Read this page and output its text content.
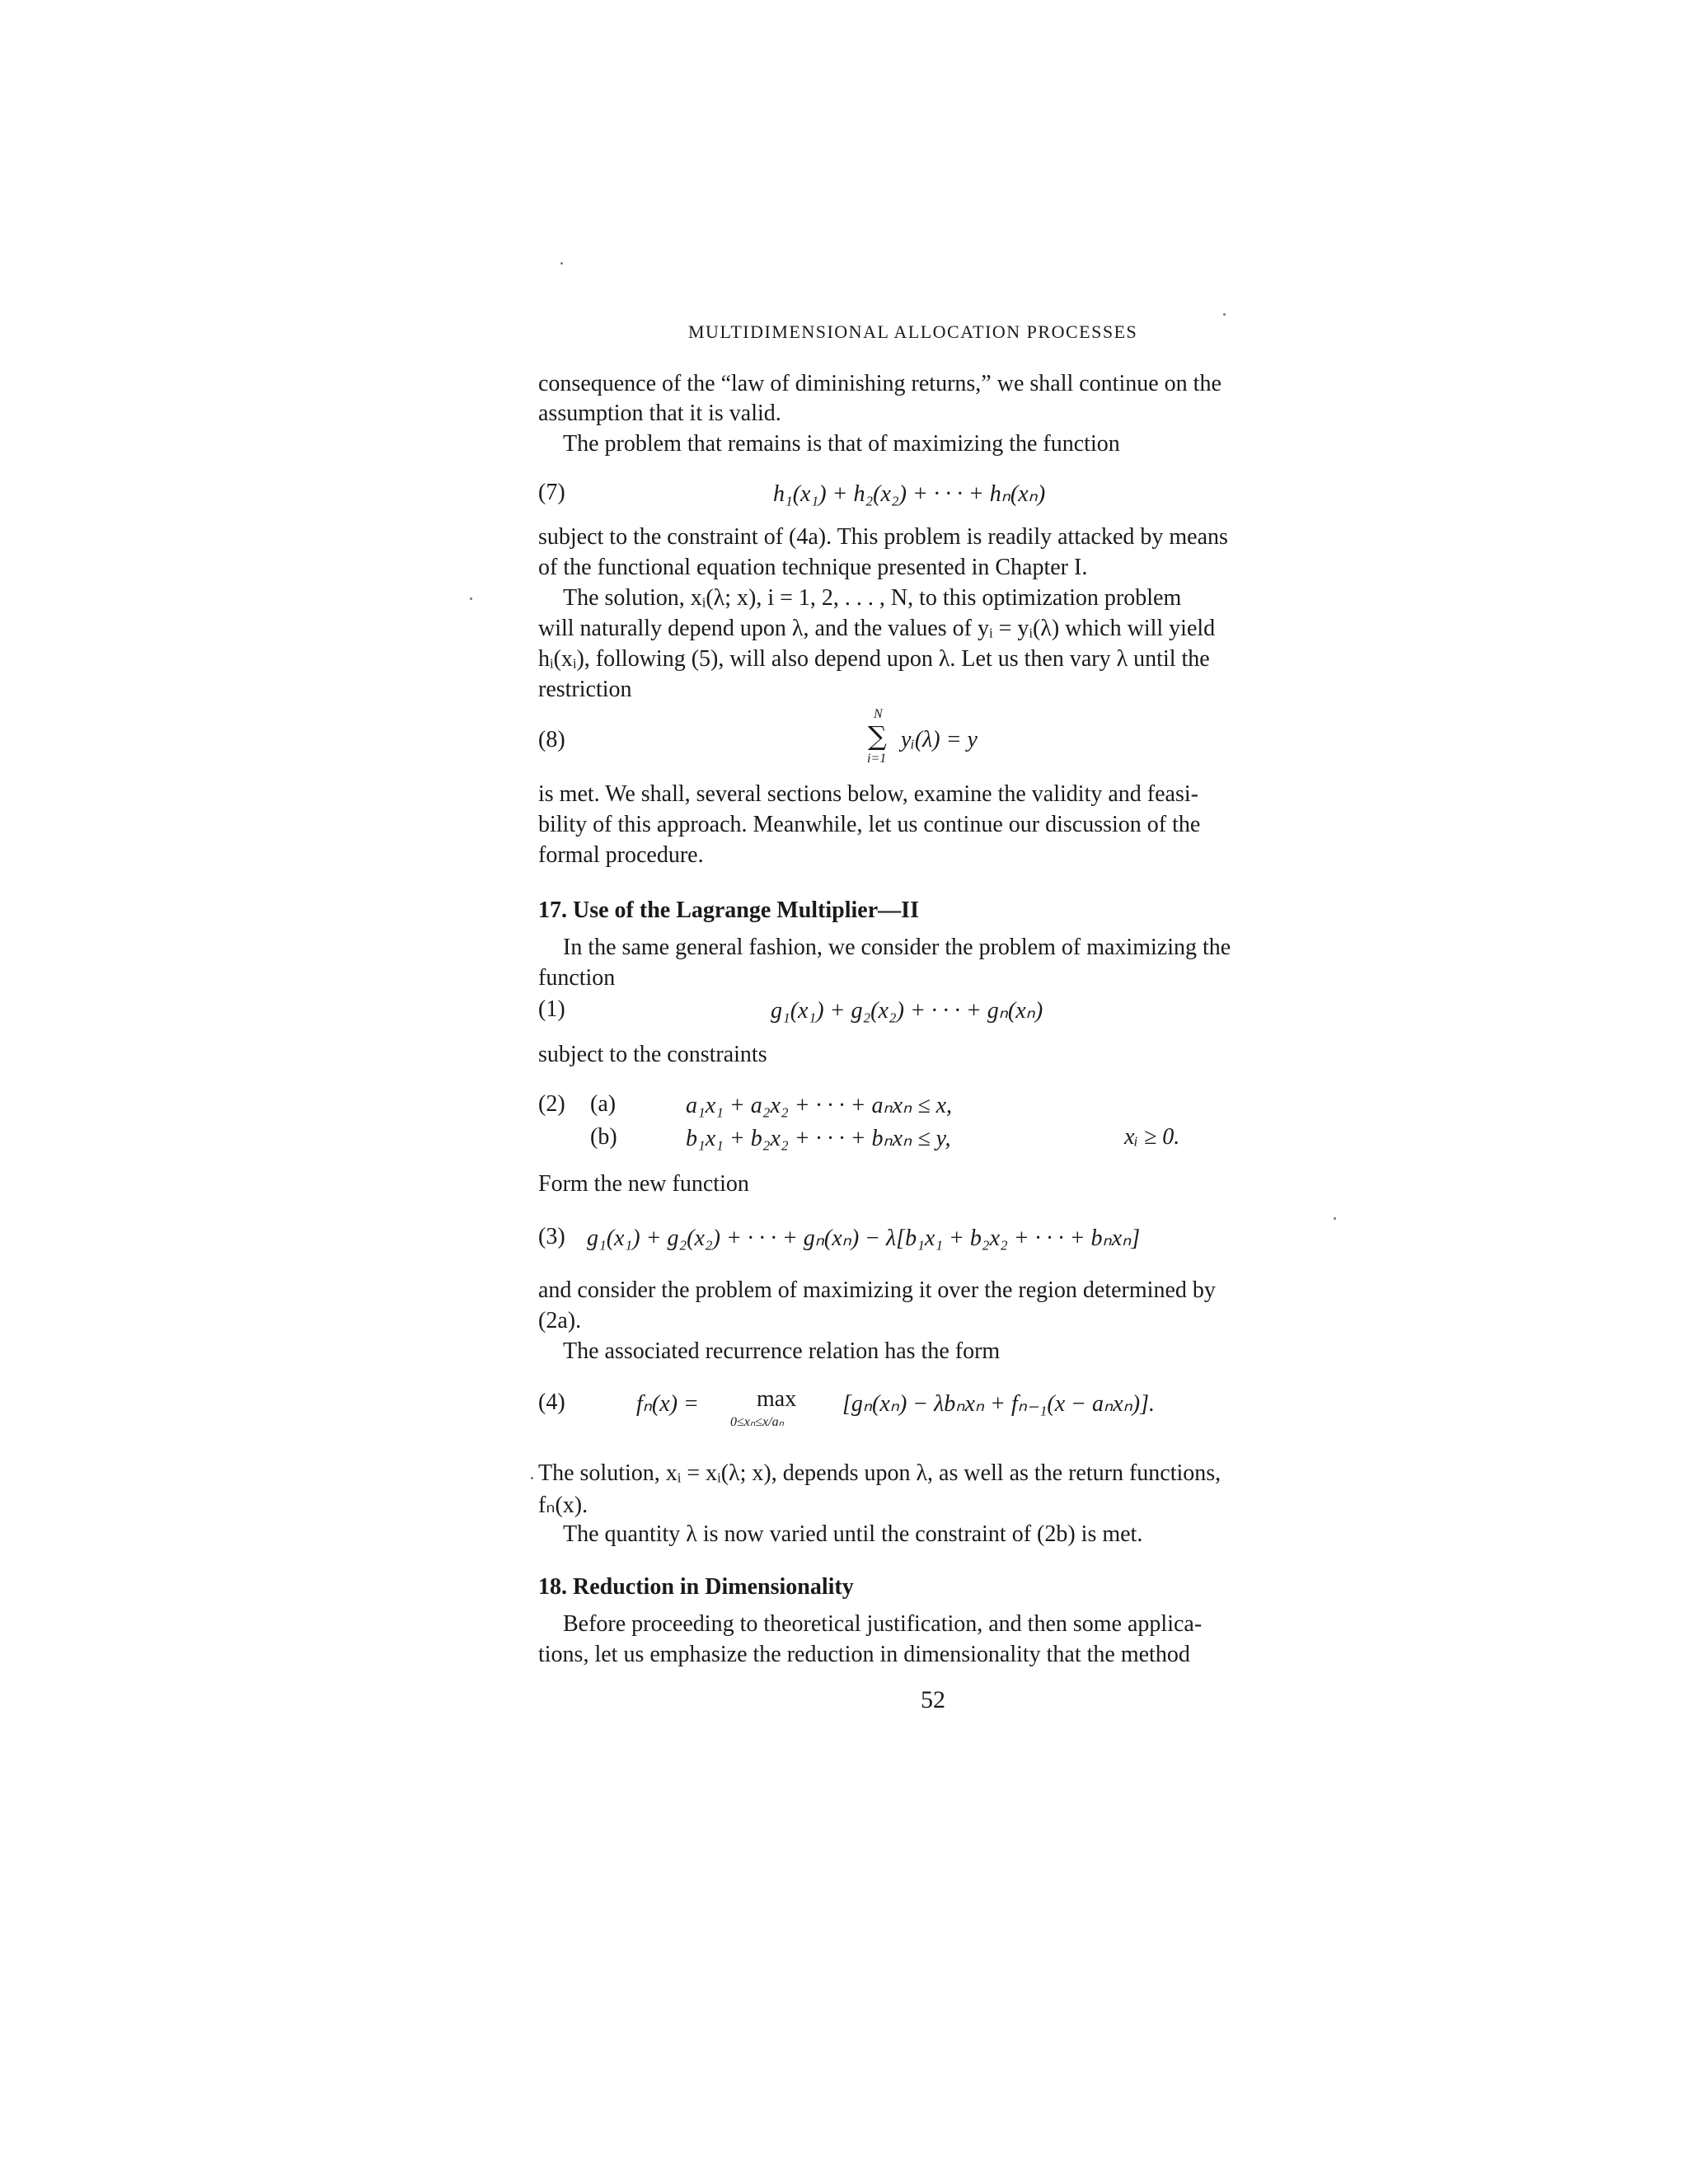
MULTIDIMENSIONAL ALLOCATION PROCESSES
consequence of the “law of diminishing returns,” we shall continue on the
assumption that it is valid.
The problem that remains is that of maximizing the function
(7)	h₁(x₁) + h₂(x₂) + · · · + hₙ(xₙ)
subject to the constraint of (4a). This problem is readily attacked by means
of the functional equation technique presented in Chapter I.
The solution, xᵢ(λ; x), i = 1, 2, . . . , N, to this optimization problem
will naturally depend upon λ, and the values of yᵢ = yᵢ(λ) which will yield
hᵢ(xᵢ), following (5), will also depend upon λ. Let us then vary λ until the
restriction
(8)
N
∑
i=1
yᵢ(λ) = y
is met. We shall, several sections below, examine the validity and feasi-
bility of this approach. Meanwhile, let us continue our discussion of the
formal procedure.
17. Use of the Lagrange Multiplier—II
In the same general fashion, we consider the problem of maximizing the
function
(1)	g₁(x₁) + g₂(x₂) + · · · + gₙ(xₙ)
subject to the constraints
(2) (a)	a₁x₁ + a₂x₂ + · · · + aₙxₙ ≤ x,
(b)	b₁x₁ + b₂x₂ + · · · + bₙxₙ ≤ y,	xᵢ ≥ 0.
Form the new function
(3) g₁(x₁) + g₂(x₂) + · · · + gₙ(xₙ) − λ[b₁x₁ + b₂x₂ + · · · + bₙxₙ]
and consider the problem of maximizing it over the region determined by
(2a).
The associated recurrence relation has the form
(4)	fₙ(x) =	max
0≤xₙ≤x/aₙ
[gₙ(xₙ) − λbₙxₙ + fₙ₋₁(x − aₙxₙ)].
The solution, xᵢ = xᵢ(λ; x), depends upon λ, as well as the return functions,
fₙ(x).
The quantity λ is now varied until the constraint of (2b) is met.
18. Reduction in Dimensionality
Before proceeding to theoretical justification, and then some applica-
tions, let us emphasize the reduction in dimensionality that the method
52
